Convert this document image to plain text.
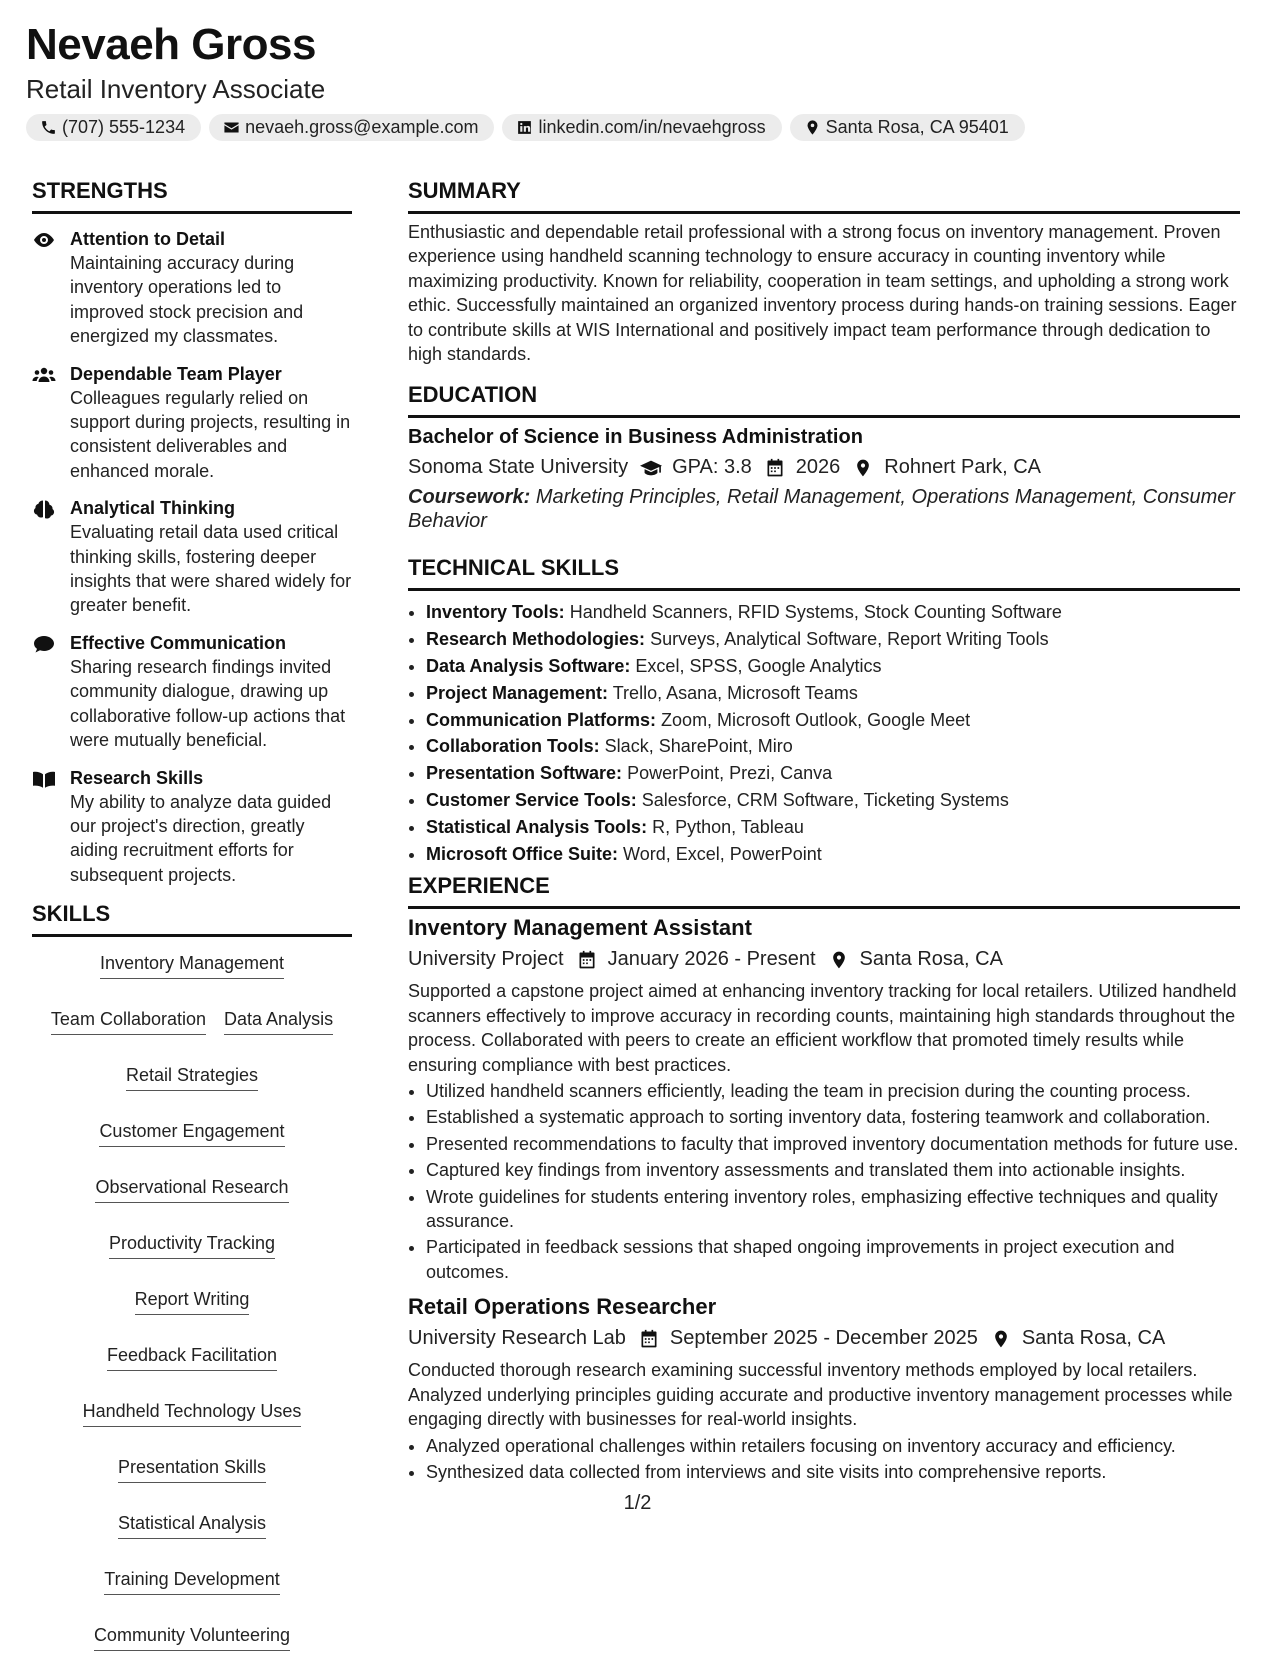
Nevaeh Gross
Retail Inventory Associate
(707) 555-1234	nevaeh.gross@example.com	linkedin.com/in/nevaehgross	Santa Rosa, CA 95401
STRENGTHS
Attention to Detail
Maintaining accuracy during inventory operations led to improved stock precision and energized my classmates.
Dependable Team Player
Colleagues regularly relied on support during projects, resulting in consistent deliverables and enhanced morale.
Analytical Thinking
Evaluating retail data used critical thinking skills, fostering deeper insights that were shared widely for greater benefit.
Effective Communication
Sharing research findings invited community dialogue, drawing up collaborative follow-up actions that were mutually beneficial.
Research Skills
My ability to analyze data guided our project's direction, greatly aiding recruitment efforts for subsequent projects.
SKILLS
Inventory Management
Team Collaboration Data Analysis
Retail Strategies
Customer Engagement
Observational Research
Productivity Tracking
Report Writing
Feedback Facilitation
Handheld Technology Uses
Presentation Skills
Statistical Analysis
Training Development
Community Volunteering
SUMMARY
Enthusiastic and dependable retail professional with a strong focus on inventory management. Proven experience using handheld scanning technology to ensure accuracy in counting inventory while maximizing productivity. Known for reliability, cooperation in team settings, and upholding a strong work ethic. Successfully maintained an organized inventory process during hands-on training sessions. Eager to contribute skills at WIS International and positively impact team performance through dedication to high standards.
EDUCATION
Bachelor of Science in Business Administration
Sonoma State University GPA: 3.8 2026 Rohnert Park, CA
Coursework: Marketing Principles, Retail Management, Operations Management, Consumer Behavior
TECHNICAL SKILLS
• Inventory Tools: Handheld Scanners, RFID Systems, Stock Counting Software
• Research Methodologies: Surveys, Analytical Software, Report Writing Tools
• Data Analysis Software: Excel, SPSS, Google Analytics
• Project Management: Trello, Asana, Microsoft Teams
• Communication Platforms: Zoom, Microsoft Outlook, Google Meet
• Collaboration Tools: Slack, SharePoint, Miro
• Presentation Software: PowerPoint, Prezi, Canva
• Customer Service Tools: Salesforce, CRM Software, Ticketing Systems
• Statistical Analysis Tools: R, Python, Tableau
• Microsoft Office Suite: Word, Excel, PowerPoint
EXPERIENCE
Inventory Management Assistant
University Project January 2026 - Present Santa Rosa, CA
Supported a capstone project aimed at enhancing inventory tracking for local retailers. Utilized handheld scanners effectively to improve accuracy in recording counts, maintaining high standards throughout the process. Collaborated with peers to create an efficient workflow that promoted timely results while ensuring compliance with best practices.
• Utilized handheld scanners efficiently, leading the team in precision during the counting process.
• Established a systematic approach to sorting inventory data, fostering teamwork and collaboration.
• Presented recommendations to faculty that improved inventory documentation methods for future use.
• Captured key findings from inventory assessments and translated them into actionable insights.
• Wrote guidelines for students entering inventory roles, emphasizing effective techniques and quality assurance.
• Participated in feedback sessions that shaped ongoing improvements in project execution and outcomes.
Retail Operations Researcher
University Research Lab September 2025 - December 2025 Santa Rosa, CA
Conducted thorough research examining successful inventory methods employed by local retailers. Analyzed underlying principles guiding accurate and productive inventory management processes while engaging directly with businesses for real-world insights.
• Analyzed operational challenges within retailers focusing on inventory accuracy and efficiency.
• Synthesized data collected from interviews and site visits into comprehensive reports.
1/2
